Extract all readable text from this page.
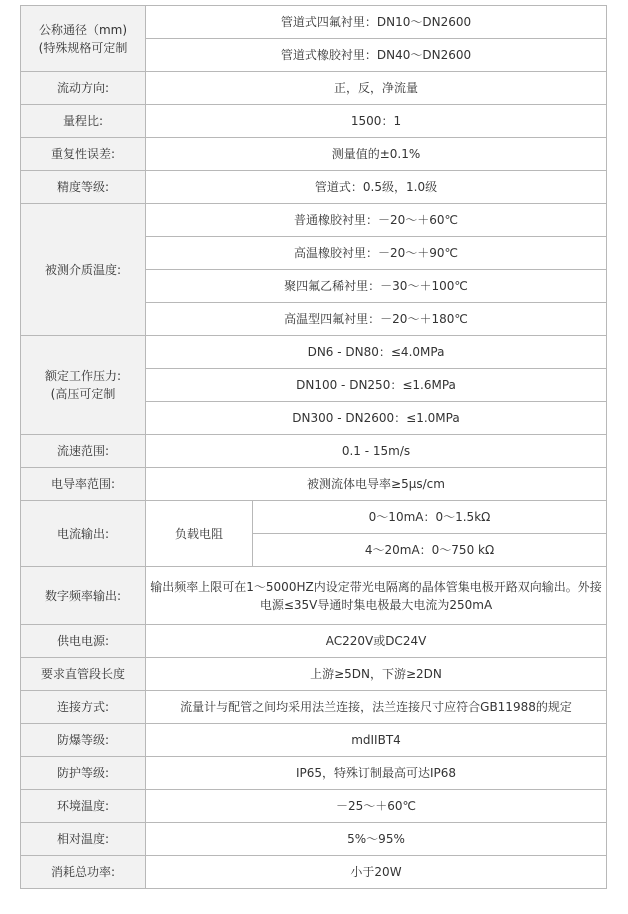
公称通径（mm)
(特殊规格可定制	管道式四氟衬里：DN10～DN2600	
	管道式橡胶衬里：DN40～DN2600	
流动方向:	正，反，净流量	
量程比:	1500：1	
重复性误差:	测量值的±0.1%	
精度等级:	管道式：0.5级，1.0级	
被测介质温度:	普通橡胶衬里：－20～＋60℃	
	高温橡胶衬里：－20～＋90℃	
	聚四氟乙稀衬里：－30～＋100℃	
	高温型四氟衬里：－20～＋180℃	

额定工作压力:
(高压可定制	DN6 - DN80：≤4.0MPa	
	DN100 - DN250：≤1.6MPa	
	DN300 - DN2600：≤1.0MPa	
流速范围:	0.1 - 15m/s	
电导率范围:	被测流体电导率≥5μs/cm	
电流输出:	负载电阻	0～10mA：0～1.5kΩ
		4～20mA：0～750 kΩ
数字频率输出:	输出频率上限可在1～5000HZ内设定带光电隔离的晶体管集电极开路双向输出。外接电源≤35V导通时集电极最大电流为250mA	
供电电源:	AC220V或DC24V	
要求直管段长度	上游≥5DN，下游≥2DN	
连接方式:	流量计与配管之间均采用法兰连接，法兰连接尺寸应符合GB11988的规定	
防爆等级:	mdIIBT4	
防护等级:	IP65，特殊订制最高可达IP68	
环境温度:	－25～＋60℃	
相对温度:	5%～95%	
消耗总功率:	小于20W	
